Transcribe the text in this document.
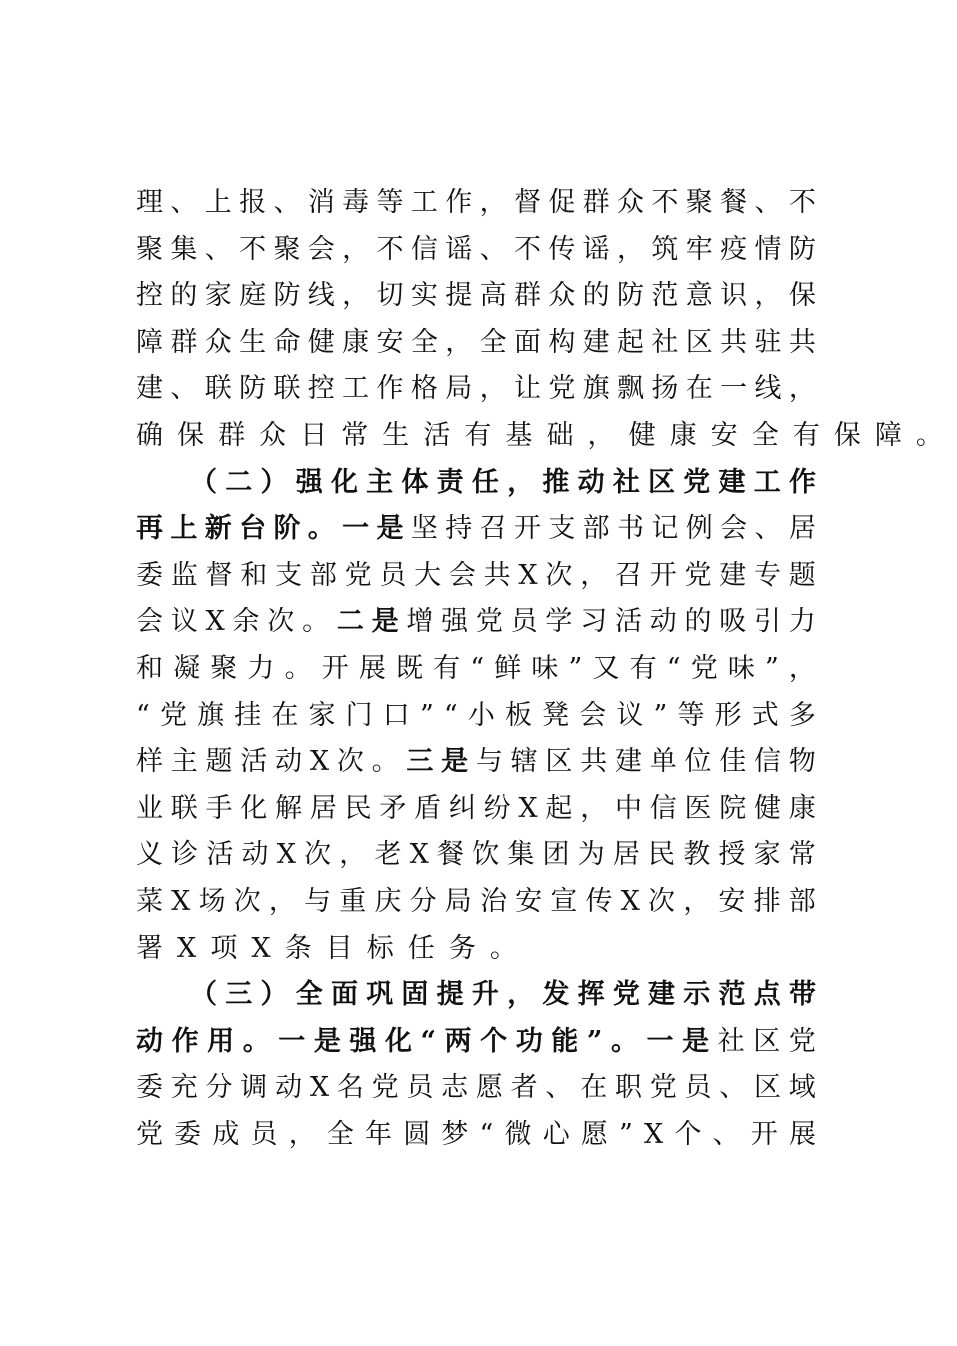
理 、 上 报 、 消 毒 等 工 作 ， 督 促 群 众 不 聚 餐 、 不
聚 集 、 不 聚 会 ， 不 信 谣 、 不 传 谣 ， 筑 牢 疫 情 防
控 的 家 庭 防 线 ， 切 实 提 高 群 众 的 防 范 意 识 ， 保
障 群 众 生 命 健 康 安 全 ， 全 面 构 建 起 社 区 共 驻 共
建 、 联 防 联 控 工 作 格 局 ， 让 党 旗 飘 扬 在 一 线 ，
确 保 群 众 日 常 生 活 有 基 础 ， 健 康 安 全 有 保 障 。
（ 二 ） 强 化 主 体 责 任 ， 推 动 社 区 党 建 工 作
再 上 新 台 阶 。 一 是 坚 持 召 开 支 部 书 记 例 会 、 居
委 监 督 和 支 部 党 员 大 会 共 X 次 ， 召 开 党 建 专 题
会 议 X 余 次 。 二 是 增 强 党 员 学 习 活 动 的 吸 引 力
和 凝 聚 力 。 开 展 既 有 “ 鲜 味 ” 又 有 “ 党 味 ” ，
“ 党 旗 挂 在 家 门 口 ” “ 小 板 凳 会 议 ” 等 形 式 多
样 主 题 活 动 X 次 。 三 是 与 辖 区 共 建 单 位 佳 信 物
业 联 手 化 解 居 民 矛 盾 纠 纷 X 起 ， 中 信 医 院 健 康
义 诊 活 动 X 次 ， 老 X 餐 饮 集 团 为 居 民 教 授 家 常
菜 X 场 次 ， 与 重 庆 分 局 治 安 宣 传 X 次 ， 安 排 部
署 X 项 X 条 目 标 任 务 。
（ 三 ） 全 面 巩 固 提 升 ， 发 挥 党 建 示 范 点 带
动 作 用 。 一 是 强 化 “ 两 个 功 能 ” 。 一 是 社 区 党
委 充 分 调 动 X 名 党 员 志 愿 者 、 在 职 党 员 、 区 域
党 委 成 员 ， 全 年 圆 梦 “ 微 心 愿 ” X 个 、 开 展
